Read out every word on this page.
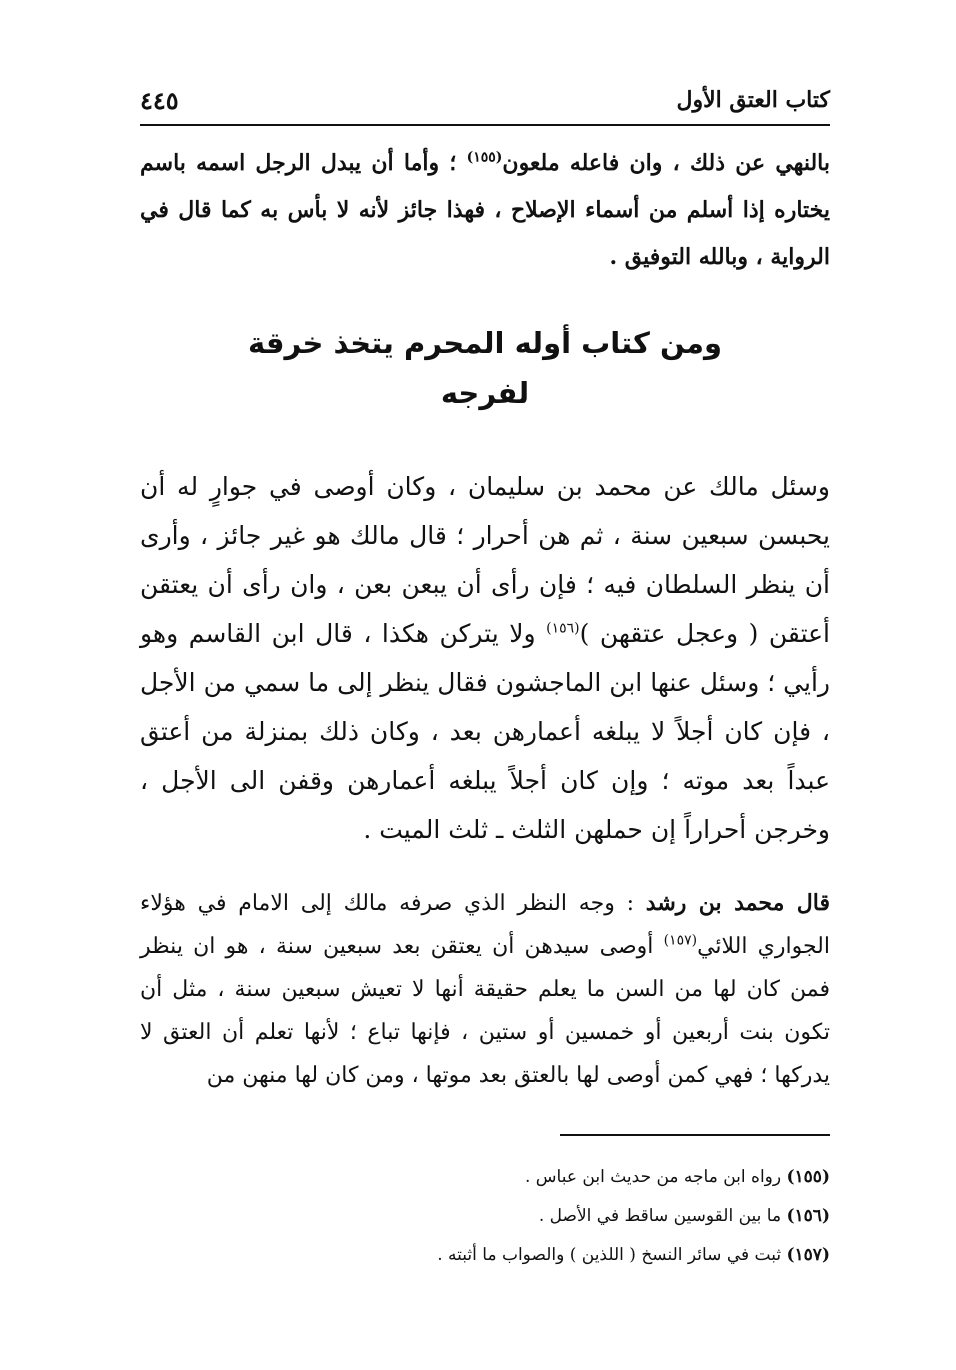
كتاب العتق الأول
٤٤٥

بالنهي عن ذلك ، وان فاعله ملعون$^{(١٥٥)}$ ؛ وأما أن يبدل الرجل اسمه باسم يختاره إذا أسلم من أسماء الإصلاح ، فهذا جائز لأنه لا بأس به كما قال في الرواية ، وبالله التوفيق .

ومن كتاب أوله المحرم يتخذ خرقة
لفرجه

وسئل مالك عن محمد بن سليمان ، وكان أوصى في جوارٍ له أن يحبسن سبعين سنة ، ثم هن أحرار ؛ قال مالك هو غير جائز ، وأرى أن ينظر السلطان فيه ؛ فإن رأى أن يبعن بعن ، وان رأى أن يعتقن أعتقن ( وعجل عتقهن )$^{(١٥٦)}$ ولا يتركن هكذا ، قال ابن القاسم وهو رأيي ؛ وسئل عنها ابن الماجشون فقال ينظر إلى ما سمي من الأجل ، فإن كان أجلاً لا يبلغه أعمارهن بعد ، وكان ذلك بمنزلة من أعتق عبداً بعد موته ؛ وإن كان أجلاً يبلغه أعمارهن وقفن الى الأجل ، وخرجن أحراراً إن حملهن الثلث ـ ثلث الميت .

قال محمد بن رشد : وجه النظر الذي صرفه مالك إلى الامام في هؤلاء الجواري اللائي$^{(١٥٧)}$ أوصى سيدهن أن يعتقن بعد سبعين سنة ، هو ان ينظر فمن كان لها من السن ما يعلم حقيقة أنها لا تعيش سبعين سنة ، مثل أن تكون بنت أربعين أو خمسين أو ستين ، فإنها تباع ؛ لأنها تعلم أن العتق لا يدركها ؛ فهي كمن أوصى لها بالعتق بعد موتها ، ومن كان لها منهن من

(١٥٥) رواه ابن ماجه من حديث ابن عباس .
(١٥٦) ما بين القوسين ساقط في الأصل .
(١٥٧) ثبت في سائر النسخ ( اللذين ) والصواب ما أثبته .
